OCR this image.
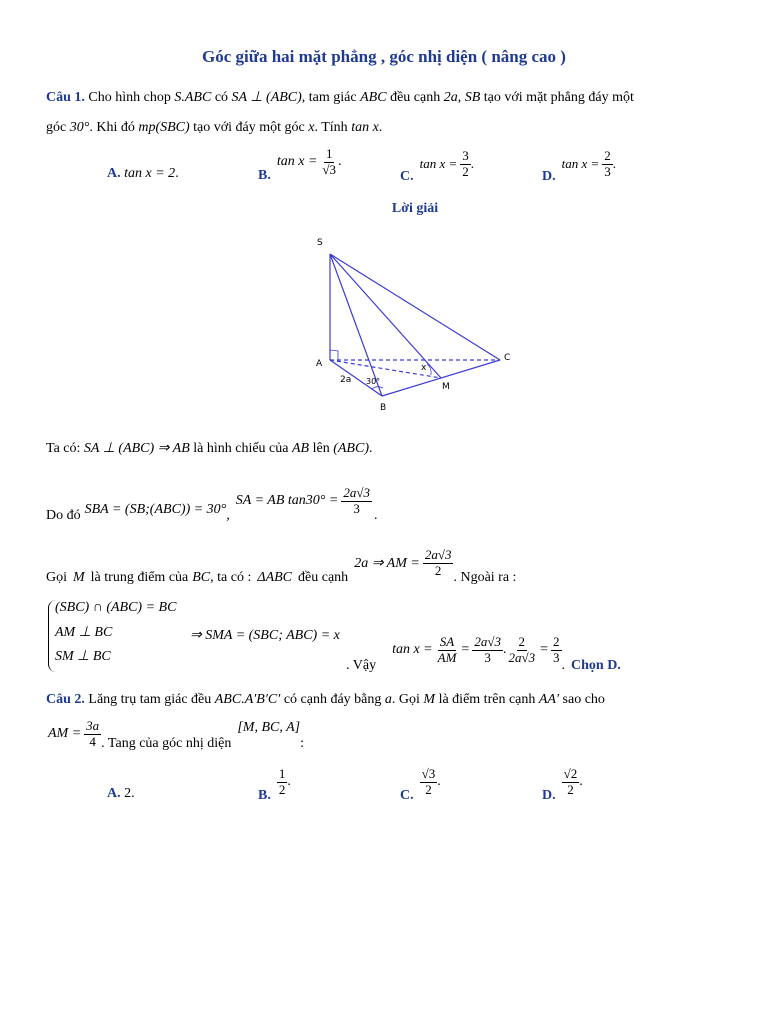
Góc giữa hai mặt phẳng , góc nhị diện ( nâng cao )
Câu 1. Cho hình chop S.ABC có SA ⊥ (ABC), tam giác ABC đều cạnh 2a, SB tạo với mặt phẳng đáy một
góc 30°. Khi đó mp(SBC) tạo với đáy một góc x. Tính tan x.
A. tan x = 2.	B.
$\tan x = \frac{1}{√3}$ .
C.
$\tan x = \frac{3}{2}$ .
D.
$\tan x = \frac{2}{3}$ .
Lời giải
S
A
B
C
M
x
2a 30°
Ta có: SA ⊥ (ABC) ⇒ AB là hình chiếu của AB lên (ABC).
Do đó SBA = (SB;(ABC)) = 30° ,
SA = AB $\tan 30^\circ = \frac{2a√3}{3}$ .
Gọi M là trung điểm của BC , ta có : ΔABC đều cạnh
2a ⇒ AM = $\frac{2a√3}{2}$ . Ngoài ra :
(SBC) ∩ (ABC) = BC
AM ⊥ BC
SM ⊥ BC
⇒ SMA = (SBC; ABC) = x
. Vậy
$\tan x = \frac{SA}{AM} = \frac{2a√3}{3}$ . $\frac{2}{2a√3} = \frac{2}{3}$
. Chọn D.
Câu 2. Lăng trụ tam giác đều ABC.A′B′C′ có cạnh đáy bằng a. Gọi M là điểm trên cạnh AA′ sao cho
AM = $\frac{3a}{4}$ . Tang của góc nhị diện
[M, BC, A]
:
A. 2.	B. $\frac{1}{2}$ .
C. $\frac{√3}{2}$ .
D. $\frac{√2}{2}$ .
